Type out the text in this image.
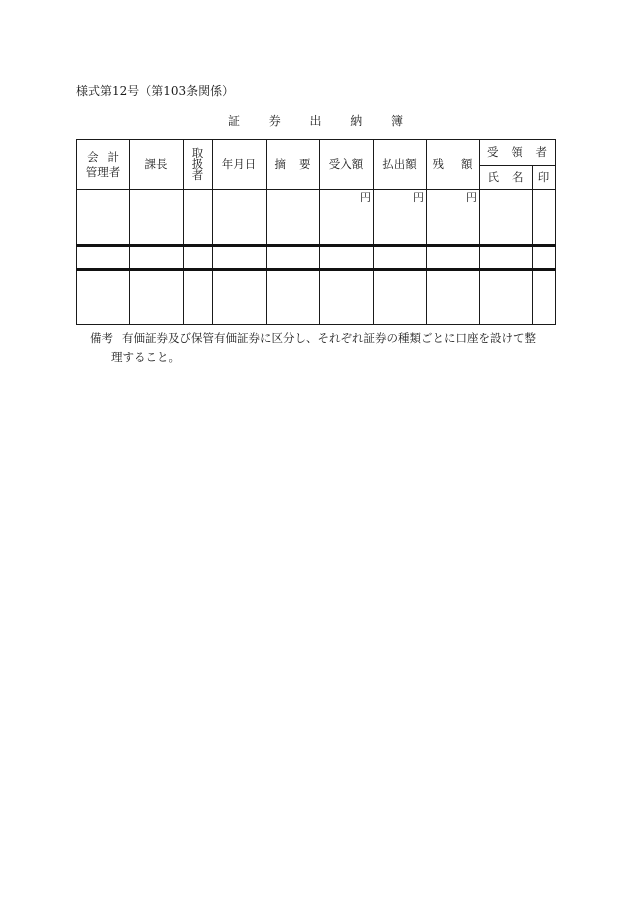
様式第12号（第103条関係）
証 券 出 納 簿
会 計
管理者
課長
取
扱
者
年月日 摘 要 受入額 払出額 残 額
受 領 者
氏 名 印
円	円	円
備考 有価証券及び保管有価証券に区分し、それぞれ証券の種類ごとに口座を設けて整
理すること。
